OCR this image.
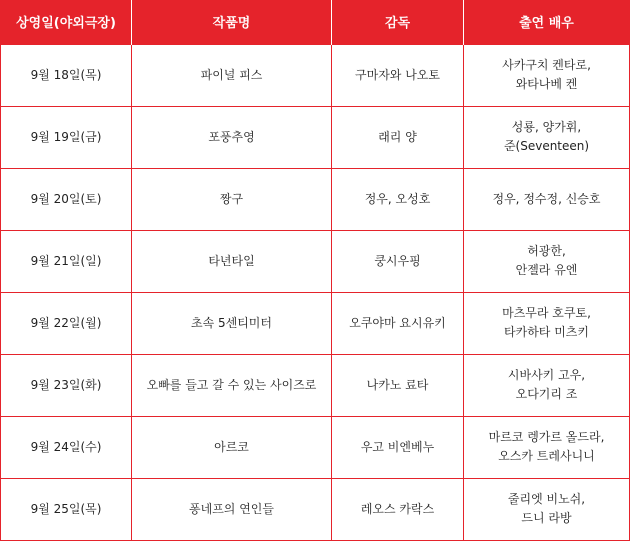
상영일(야외극장)	작품명	감독	출연 배우
9월 18일(목)	파이널 피스	구마자와 나오토	사카구치 켄타로,
와타나베 켄

9월 19일(금)	포풍추영	래리 양	성룡, 양가휘,
준(Seventeen)

9월 20일(토)	짱구	정우, 오성호	정우, 정수정, 신승호

9월 21일(일)	타년타일	쿵시우핑	허광한,
안젤라 유엔

9월 22일(월)	초속 5센티미터	오쿠야마 요시유키	마츠무라 호쿠토,
타카하타 미츠키

9월 23일(화)	오빠를 들고 갈 수 있는 사이즈로	나카노 료타	시바사키 고우,
오다기리 조

9월 24일(수)	아르코	우고 비엔베누	마르코 렝가르 올드라,
오스카 트레사니니

9월 25일(목)	퐁네프의 연인들	레오스 카락스	줄리엣 비노쉬,
드니 라방
